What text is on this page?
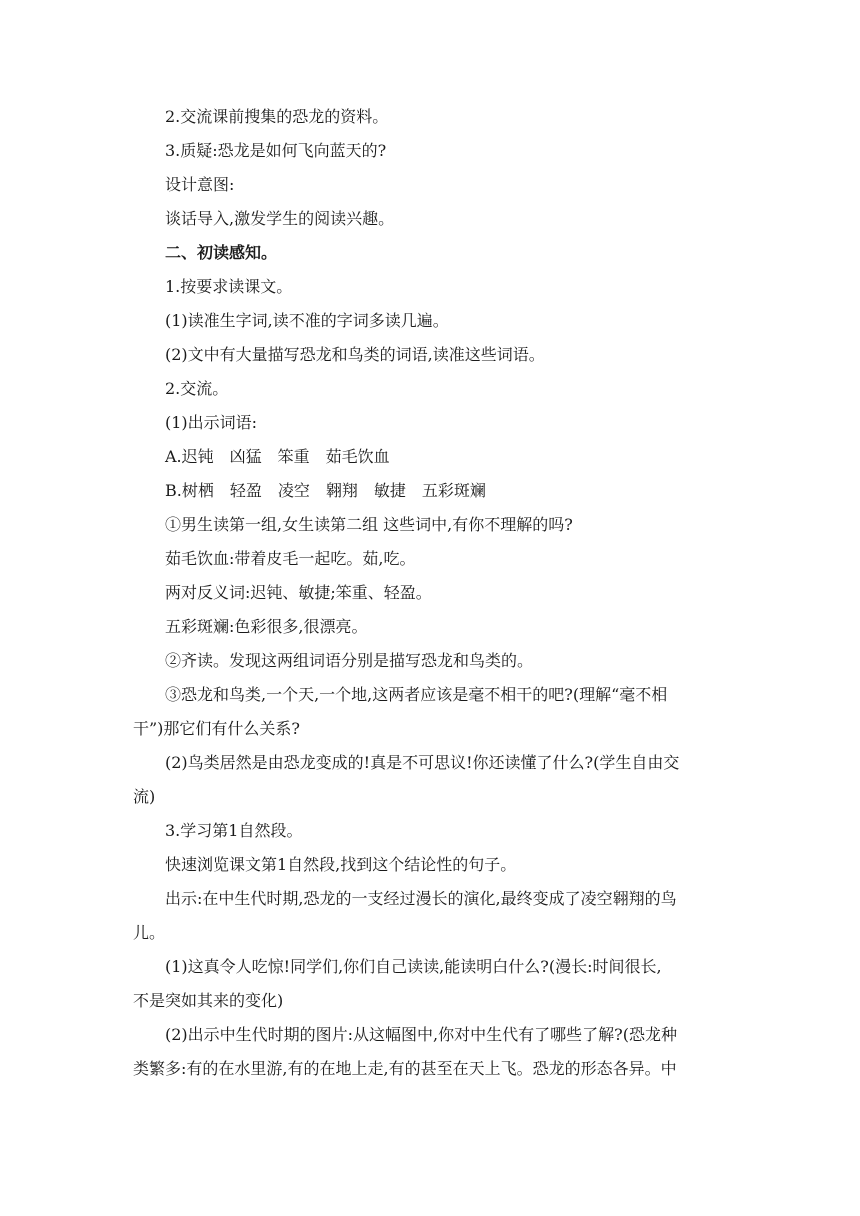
2.交流课前搜集的恐龙的资料。
3.质疑:恐龙是如何飞向蓝天的?
设计意图:
谈话导入,激发学生的阅读兴趣。
二、初读感知。
1.按要求读课文。
(1)读准生字词,读不准的字词多读几遍。
(2)文中有大量描写恐龙和鸟类的词语,读准这些词语。
2.交流。
(1)出示词语:
A.迟钝　凶猛　笨重　茹毛饮血
B.树栖　轻盈　凌空　翱翔　敏捷　五彩斑斓
①男生读第一组,女生读第二组 这些词中,有你不理解的吗?
茹毛饮血:带着皮毛一起吃。茹,吃。
两对反义词:迟钝、敏捷;笨重、轻盈。
五彩斑斓:色彩很多,很漂亮。
②齐读。发现这两组词语分别是描写恐龙和鸟类的。
③恐龙和鸟类,一个天,一个地,这两者应该是毫不相干的吧?(理解“毫不相
干”)那它们有什么关系?
(2)鸟类居然是由恐龙变成的!真是不可思议!你还读懂了什么?(学生自由交
流)
3.学习第1自然段。
快速浏览课文第1自然段,找到这个结论性的句子。
出示:在中生代时期,恐龙的一支经过漫长的演化,最终变成了凌空翱翔的鸟
儿。
(1)这真令人吃惊!同学们,你们自己读读,能读明白什么?(漫长:时间很长,
不是突如其来的变化)
(2)出示中生代时期的图片:从这幅图中,你对中生代有了哪些了解?(恐龙种
类繁多:有的在水里游,有的在地上走,有的甚至在天上飞。恐龙的形态各异。中
